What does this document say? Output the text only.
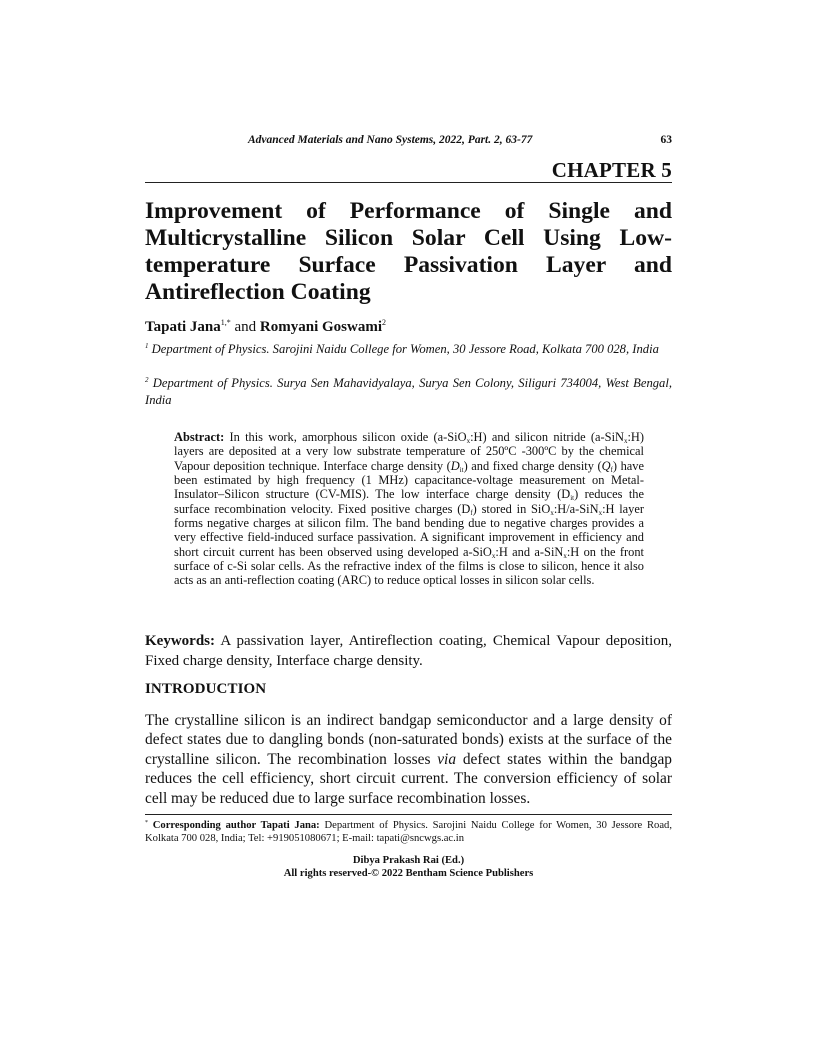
Advanced Materials and Nano Systems, 2022, Part. 2, 63-77	63
CHAPTER 5
Improvement of Performance of Single and Multicrystalline Silicon Solar Cell Using Low-temperature Surface Passivation Layer and Antireflection Coating
Tapati Jana$^{1,*}$ and Romyani Goswami$^2$
$^1$ Department of Physics. Sarojini Naidu College for Women, 30 Jessore Road, Kolkata 700 028, India
$^2$ Department of Physics. Surya Sen Mahavidyalaya, Surya Sen Colony, Siliguri 734004, West Bengal, India
Abstract: In this work, amorphous silicon oxide (a-SiO$_x$:H) and silicon nitride (a-SiN$_x$:H) layers are deposited at a very low substrate temperature of 250ºC -300ºC by the chemical Vapour deposition technique. Interface charge density $(D_{it})$ and fixed charge density $(Q_f)$ have been estimated by high frequency (1 MHz) capacitance-voltage measurement on Metal-Insulator–Silicon structure (CV-MIS). The low interface charge density $(D_{it})$ reduces the surface recombination velocity. Fixed positive charges $(D_f)$ stored in SiO$_x$:H/a-SiN$_x$:H layer forms negative charges at silicon film. The band bending due to negative charges provides a very effective field-induced surface passivation. A significant improvement in efficiency and short circuit current has been observed using developed a-SiO$_x$:H and a-SiN$_x$:H on the front surface of c-Si solar cells. As the refractive index of the films is close to silicon, hence it also acts as an anti-reflection coating (ARC) to reduce optical losses in silicon solar cells.
Keywords: A passivation layer, Antireflection coating, Chemical Vapour deposition, Fixed charge density, Interface charge density.
INTRODUCTION
The crystalline silicon is an indirect bandgap semiconductor and a large density of defect states due to dangling bonds (non-saturated bonds) exists at the surface of the crystalline silicon. The recombination losses via defect states within the bandgap reduces the cell efficiency, short circuit current. The conversion efficiency of solar cell may be reduced due to large surface recombination losses.
* Corresponding author Tapati Jana: Department of Physics. Sarojini Naidu College for Women, 30 Jessore Road, Kolkata 700 028, India; Tel: +919051080671; E-mail: tapati@sncwgs.ac.in
Dibya Prakash Rai (Ed.)
All rights reserved-© 2022 Bentham Science Publishers
